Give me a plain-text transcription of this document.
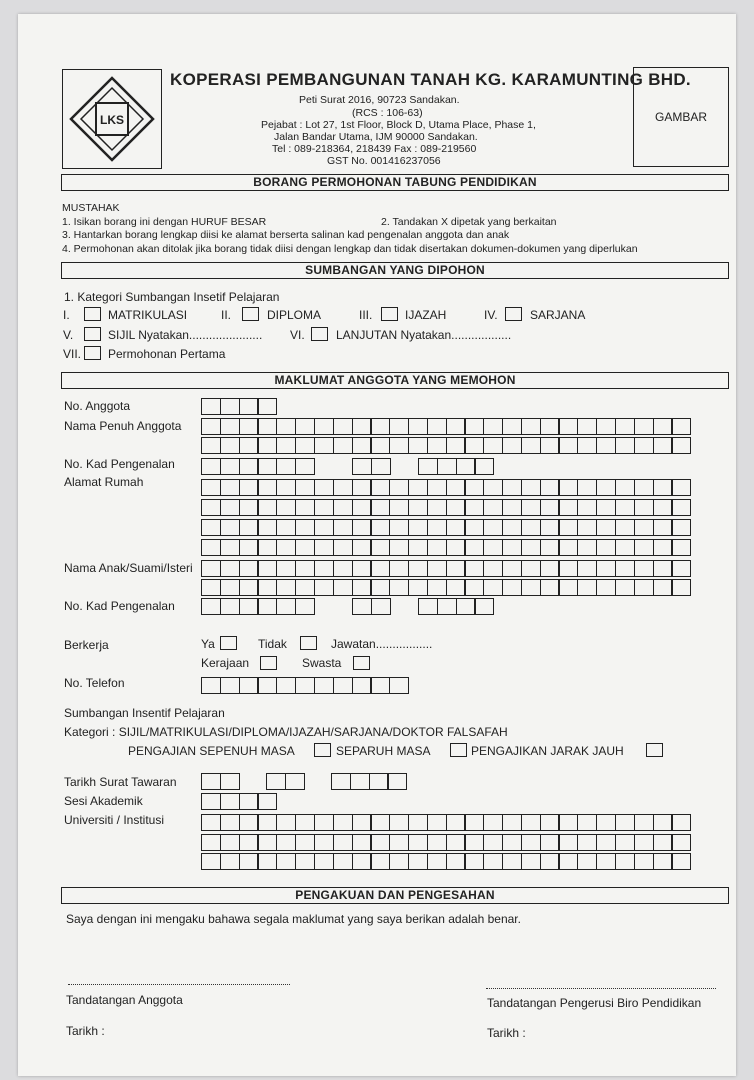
LKS
KOPERASI PEMBANGUNAN TANAH KG. KARAMUNTING BHD.
Peti Surat 2016, 90723 Sandakan.
(RCS : 106-63)
Pejabat : Lot 27, 1st Floor, Block D, Utama Place, Phase 1,
Jalan Bandar Utama, IJM 90000 Sandakan.
Tel : 089-218364, 218439 Fax : 089-219560
GST No. 001416237056
GAMBAR
BORANG PERMOHONAN TABUNG PENDIDIKAN
MUSTAHAK
1. Isikan borang ini dengan HURUF BESAR	2. Tandakan X dipetak yang berkaitan
3. Hantarkan borang lengkap diisi ke alamat berserta salinan kad pengenalan anggota dan anak
4. Permohonan akan ditolak jika borang tidak diisi dengan lengkap dan tidak disertakan dokumen-dokumen yang diperlukan
SUMBANGAN YANG DIPOHON
1. Kategori Sumbangan Insetif Pelajaran
I.	MATRIKULASI	II.	DIPLOMA	III.	IJAZAH	IV.	SARJANA
V.	SIJIL Nyatakan...................... VI.	LANJUTAN Nyatakan..................
VII. Permohonan Pertama
MAKLUMAT ANGGOTA YANG MEMOHON
No. Anggota
Nama Penuh Anggota
No. Kad Pengenalan
Alamat Rumah
Nama Anak/Suami/Isteri
No. Kad Pengenalan
Berkerja	Ya	Tidak	Jawatan.................
Kerajaan	Swasta
No. Telefon
Sumbangan Insentif Pelajaran
Kategori : SIJIL/MATRIKULASI/DIPLOMA/IJAZAH/SARJANA/DOKTOR FALSAFAH
PENGAJIAN SEPENUH MASA	SEPARUH MASA	PENGAJIKAN JARAK JAUH
Tarikh Surat Tawaran
Sesi Akademik
Universiti / Institusi
PENGAKUAN DAN PENGESAHAN
Saya dengan ini mengaku bahawa segala maklumat yang saya berikan adalah benar.
Tandatangan Anggota	Tandatangan Pengerusi Biro Pendidikan
Tarikh :	Tarikh :
